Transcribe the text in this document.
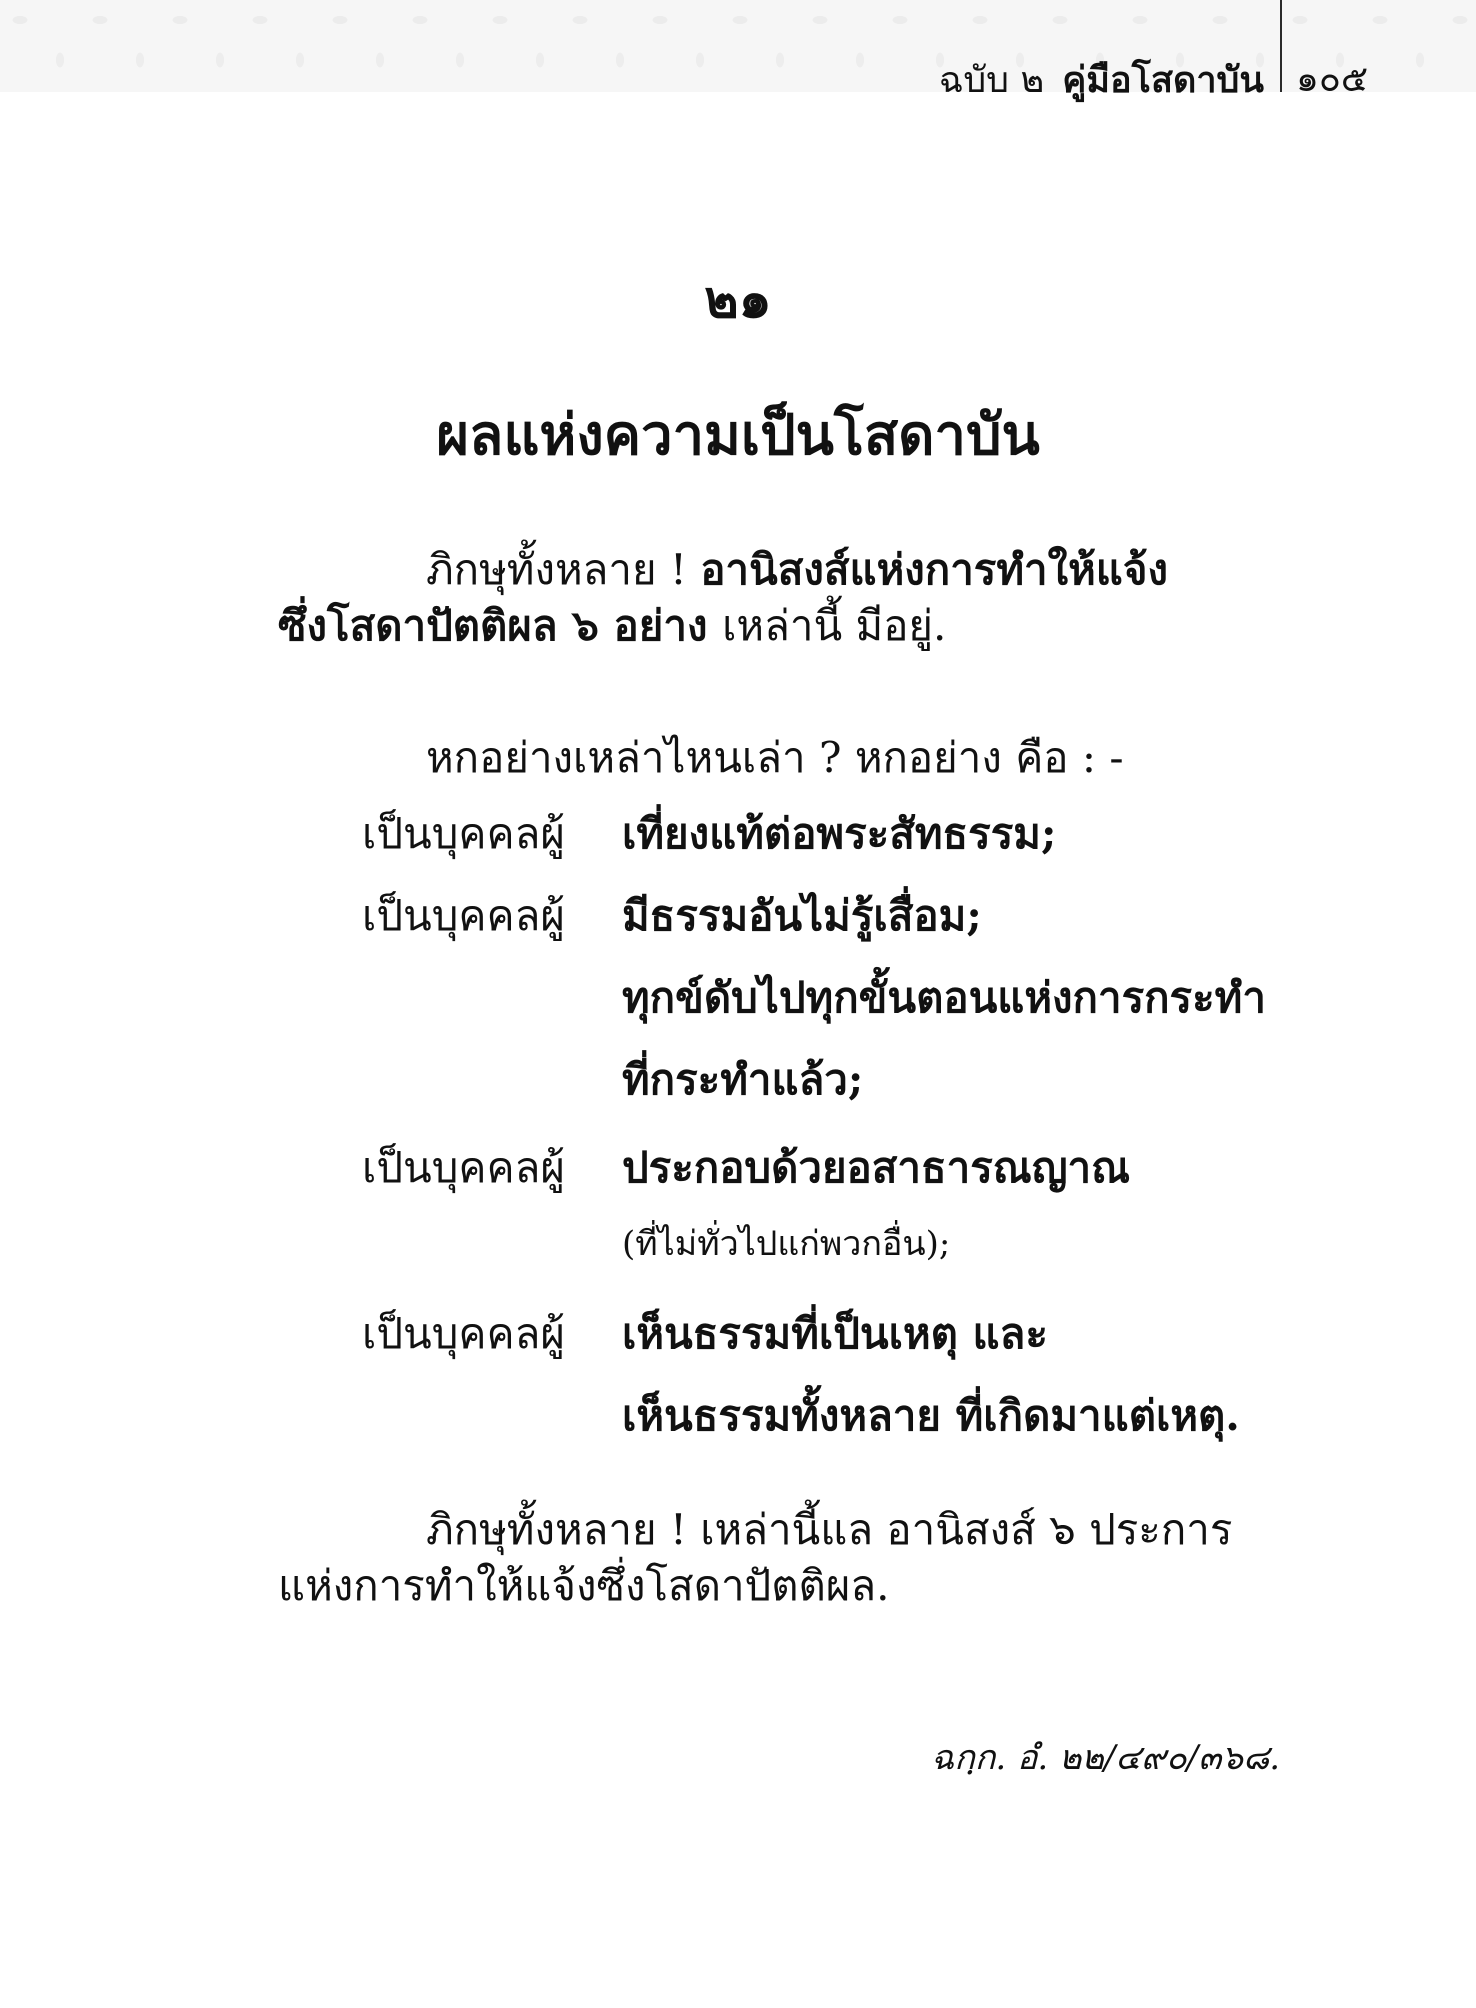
ฉบับ ๒ คู่มือโสดาบัน ๑๐๕
๒๑
ผลแห่งความเป็นโสดาบัน
ภิกษุทั้งหลาย ! อานิสงส์แห่งการทำให้แจ้ง
ซึ่งโสดาปัตติผล ๖ อย่าง เหล่านี้ มีอยู่.
หกอย่างเหล่าไหนเล่า ? หกอย่าง คือ : -
เป็นบุคคลผู้ เที่ยงแท้ต่อพระสัทธรรม;
เป็นบุคคลผู้ มีธรรมอันไม่รู้เสื่อม;
ทุกข์ดับไปทุกขั้นตอนแห่งการกระทำ
ที่กระทำแล้ว;
เป็นบุคคลผู้ ประกอบด้วยอสาธารณญาณ
(ที่ไม่ทั่วไปแก่พวกอื่น);
เป็นบุคคลผู้ เห็นธรรมที่เป็นเหตุ และ
เห็นธรรมทั้งหลาย ที่เกิดมาแต่เหตุ.
ภิกษุทั้งหลาย ! เหล่านี้แล อานิสงส์ ๖ ประการ
แห่งการทำให้แจ้งซึ่งโสดาปัตติผล.
ฉกฺก. อํ. ๒๒/๔๙๐/๓๖๘.
